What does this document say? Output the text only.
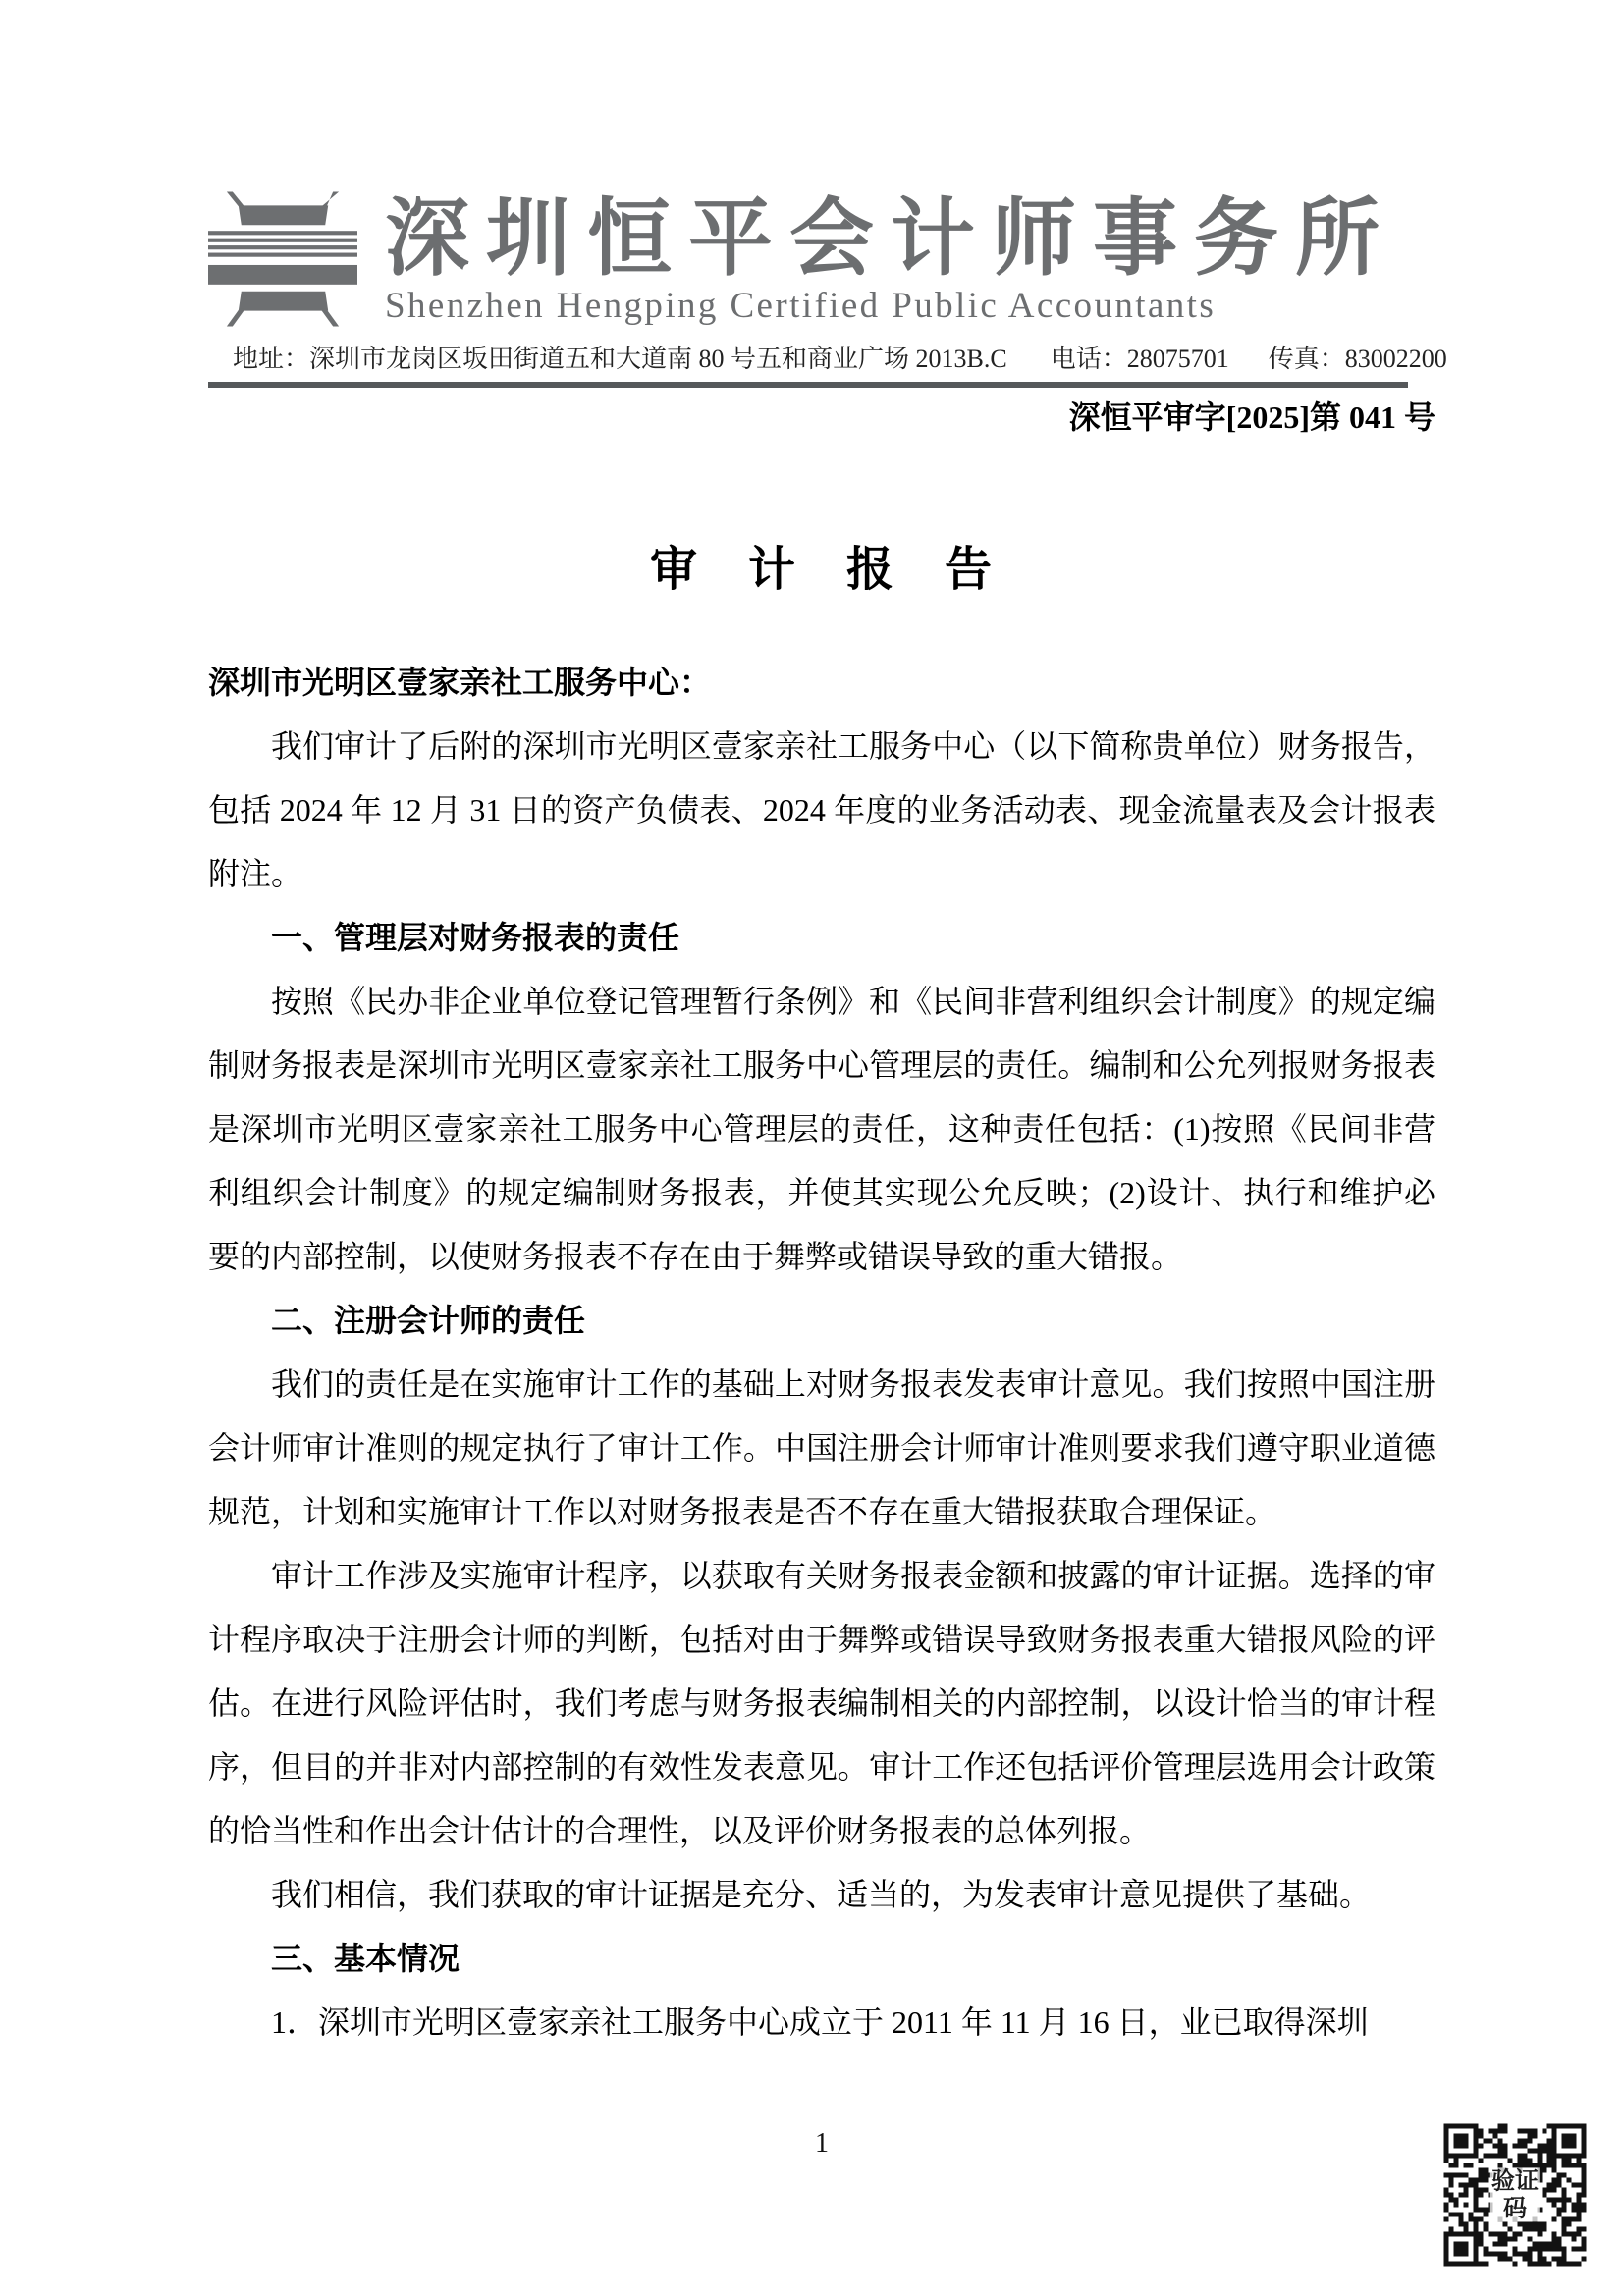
深圳恒平会计师事务所
Shenzhen Hengping Certified Public Accountants
地址：深圳市龙岗区坂田街道五和大道南 80 号五和商业广场 2013B.C 电话：28075701 传真：83002200
深恒平审字[2025]第 041 号
审　计　报　告

深圳市光明区壹家亲社工服务中心：

我们审计了后附的深圳市光明区壹家亲社工服务中心（以下简称贵单位）财务报告，包括 2024 年 12 月 31 日的资产负债表、2024 年度的业务活动表、现金流量表及会计报表附注。

一、管理层对财务报表的责任

按照《民办非企业单位登记管理暂行条例》和《民间非营利组织会计制度》的规定编制财务报表是深圳市光明区壹家亲社工服务中心管理层的责任。编制和公允列报财务报表是深圳市光明区壹家亲社工服务中心管理层的责任，这种责任包括：(1)按照《民间非营利组织会计制度》的规定编制财务报表，并使其实现公允反映；(2)设计、执行和维护必要的内部控制，以使财务报表不存在由于舞弊或错误导致的重大错报。

二、注册会计师的责任

我们的责任是在实施审计工作的基础上对财务报表发表审计意见。我们按照中国注册会计师审计准则的规定执行了审计工作。中国注册会计师审计准则要求我们遵守职业道德规范，计划和实施审计工作以对财务报表是否不存在重大错报获取合理保证。

审计工作涉及实施审计程序，以获取有关财务报表金额和披露的审计证据。选择的审计程序取决于注册会计师的判断，包括对由于舞弊或错误导致财务报表重大错报风险的评估。在进行风险评估时，我们考虑与财务报表编制相关的内部控制，以设计恰当的审计程序，但目的并非对内部控制的有效性发表意见。审计工作还包括评价管理层选用会计政策的恰当性和作出会计估计的合理性，以及评价财务报表的总体列报。

我们相信，我们获取的审计证据是充分、适当的，为发表审计意见提供了基础。

三、基本情况

1．深圳市光明区壹家亲社工服务中心成立于 2011 年 11 月 16 日，业已取得深圳

1
验证码
